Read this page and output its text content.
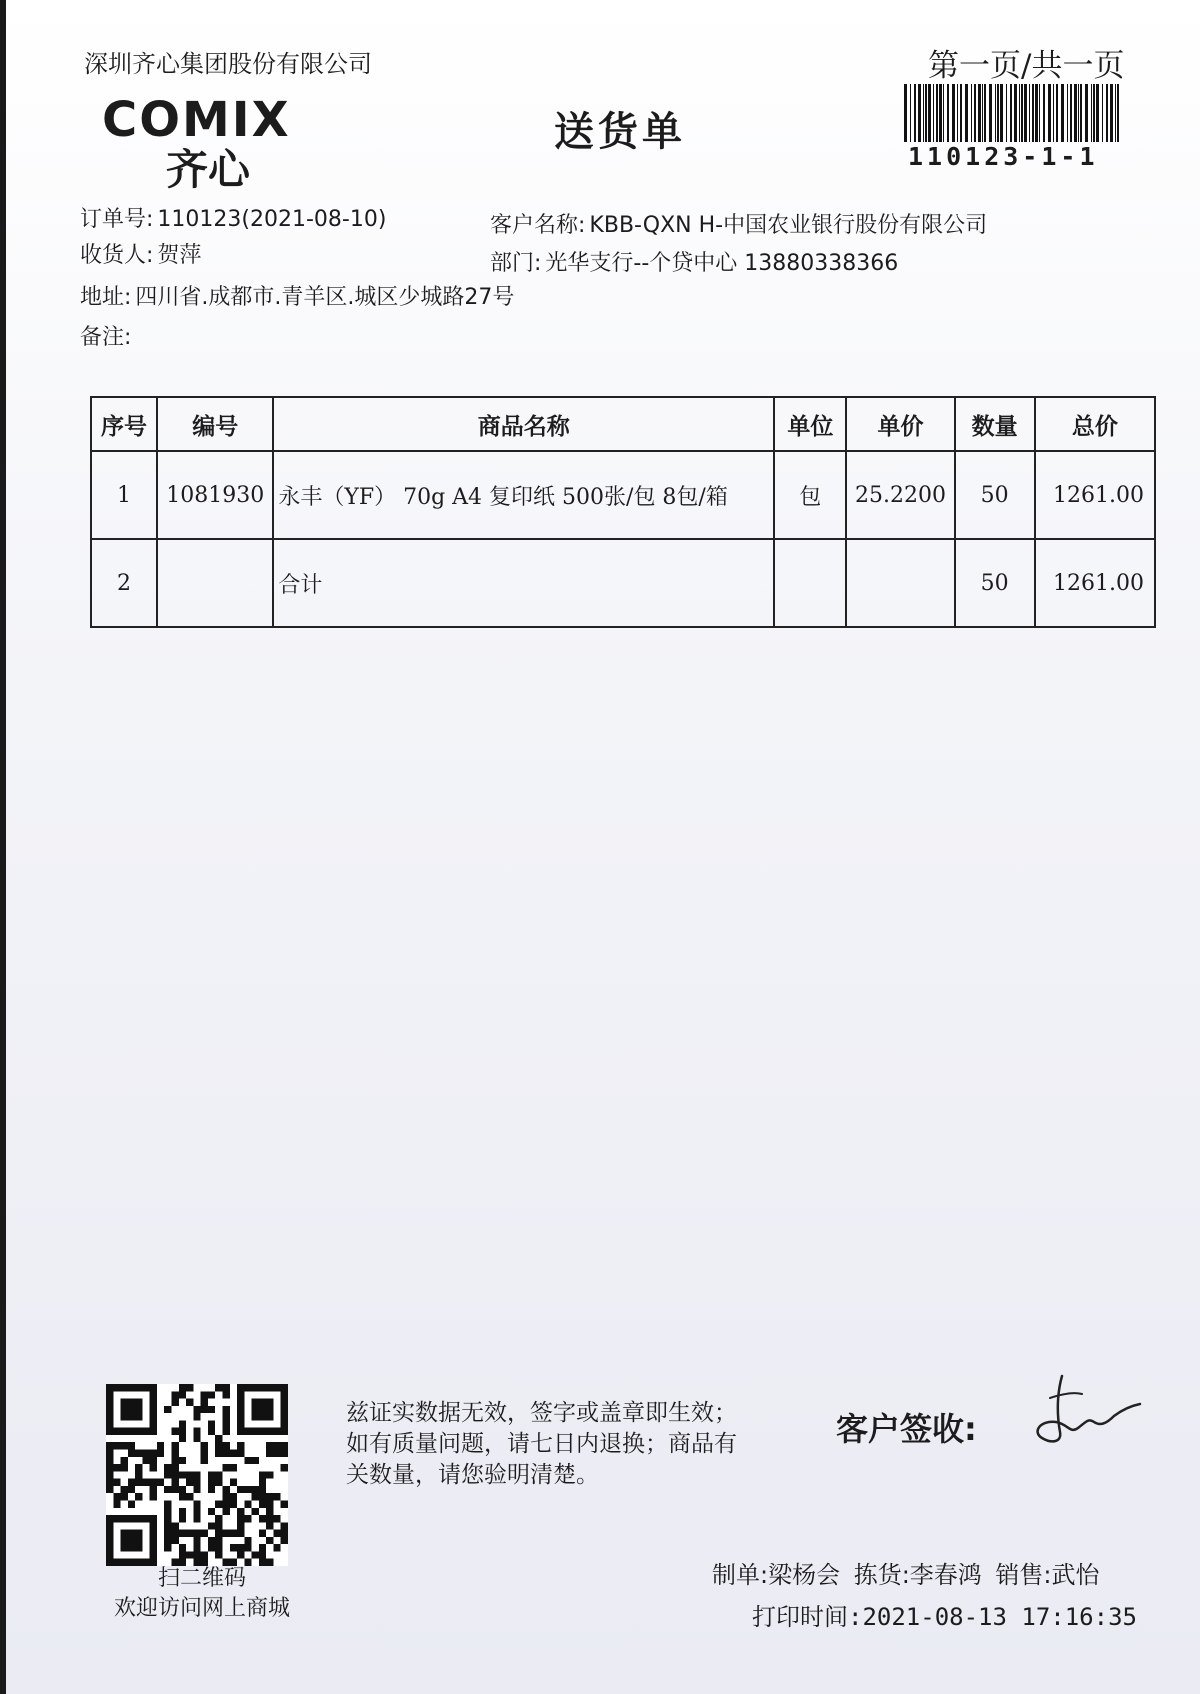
深圳齐心集团股份有限公司	第一页/共一页
COMIX
齐心
送货单
110123-1-1
订单号: 110123(2021-08-10)
收货人: 贺萍
地址: 四川省.成都市.青羊区.城区少城路27号
备注:
客户名称: KBB-QXN H-中国农业银行股份有限公司
部门: 光华支行--个贷中心 13880338366
序号	编号	商品名称	单位	单价	数量	总价
1	1081930	永丰（YF） 70g A4 复印纸 500张/包 8包/箱	包	25.2200	50	1261.00
2		合计			50	1261.00
扫二维码
欢迎访问网上商城
兹证实数据无效，签字或盖章即生效；如有质量问题，请七日内退换；商品有关数量，请您验明清楚。
客户签收:
制单:梁杨会 拣货:李春鸿 销售:武怡
打印时间:2021-08-13 17:16:35
